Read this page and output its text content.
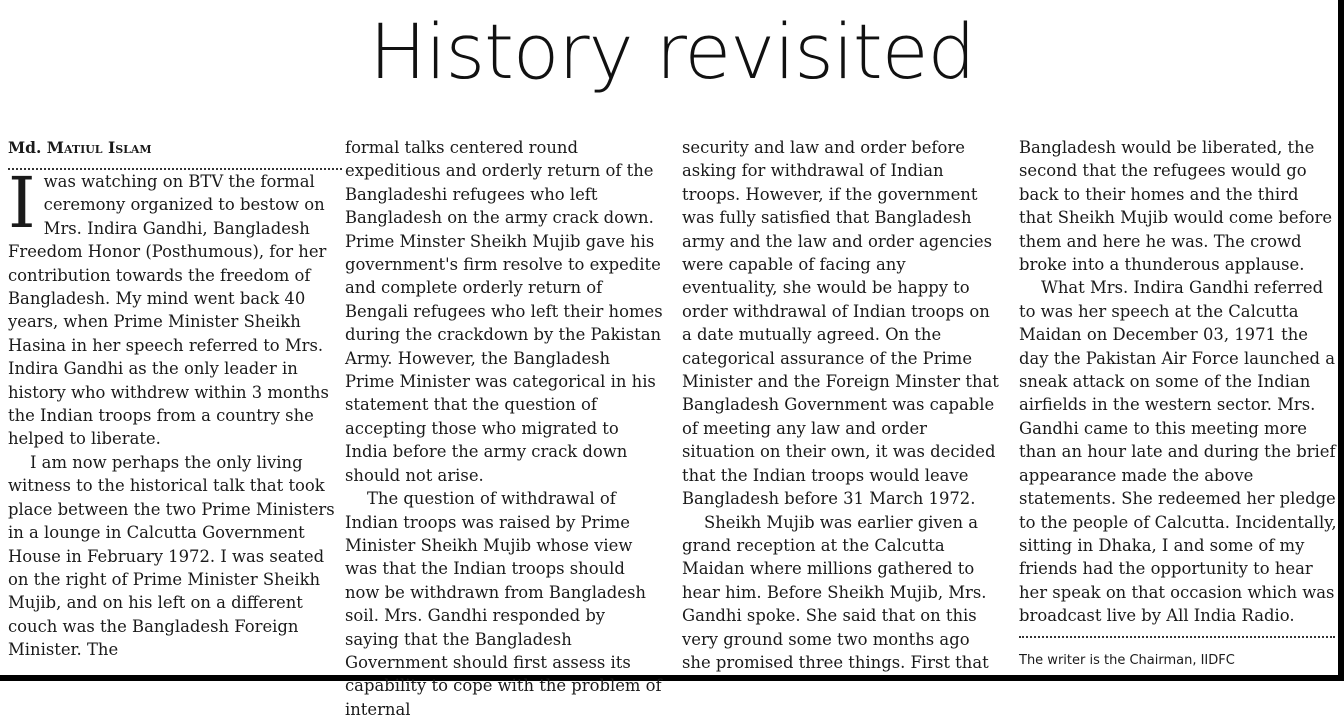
History revisited
Md. Matiul Islam

Iwas watching on BTV the formal ceremony organized to bestow on Mrs. Indira Gandhi, Bangladesh Freedom Honor (Posthumous), for her contribution towards the freedom of Bangladesh. My mind went back 40 years, when Prime Minister Sheikh Hasina in her speech referred to Mrs. Indira Gandhi as the only leader in history who withdrew within 3 months the Indian troops from a country she helped to liberate.

I am now perhaps the only living witness to the historical talk that took place between the two Prime Ministers in a lounge in Calcutta Government House in February 1972. I was seated on the right of Prime Minister Sheikh Mujib, and on his left on a different couch was the Bangladesh Foreign Minister. The

formal talks centered round expeditious and orderly return of the Bangladeshi refugees who left Bangladesh on the army crack down. Prime Minster Sheikh Mujib gave his government's firm resolve to expedite and complete orderly return of Bengali refugees who left their homes during the crackdown by the Pakistan Army. However, the Bangladesh Prime Minister was categorical in his statement that the question of accepting those who migrated to India before the army crack down should not arise.

The question of withdrawal of Indian troops was raised by Prime Minister Sheikh Mujib whose view was that the Indian troops should now be withdrawn from Bangladesh soil. Mrs. Gandhi responded by saying that the Bangladesh Government should first assess its capability to cope with the problem of internal

security and law and order before asking for withdrawal of Indian troops. However, if the government was fully satisfied that Bangladesh army and the law and order agencies were capable of facing any eventuality, she would be happy to order withdrawal of Indian troops on a date mutually agreed. On the categorical assurance of the Prime Minister and the Foreign Minster that Bangladesh Government was capable of meeting any law and order situation on their own, it was decided that the Indian troops would leave Bangladesh before 31 March 1972.

Sheikh Mujib was earlier given a grand reception at the Calcutta Maidan where millions gathered to hear him. Before Sheikh Mujib, Mrs. Gandhi spoke. She said that on this very ground some two months ago she promised three things. First that

Bangladesh would be liberated, the second that the refugees would go back to their homes and the third that Sheikh Mujib would come before them and here he was. The crowd broke into a thunderous applause.

What Mrs. Indira Gandhi referred to was her speech at the Calcutta Maidan on December 03, 1971 the day the Pakistan Air Force launched a sneak attack on some of the Indian airfields in the western sector. Mrs. Gandhi came to this meeting more than an hour late and during the brief appearance made the above statements. She redeemed her pledge to the people of Calcutta. Incidentally, sitting in Dhaka, I and some of my friends had the opportunity to hear her speak on that occasion which was broadcast live by All India Radio.

The writer is the Chairman, IIDFC
